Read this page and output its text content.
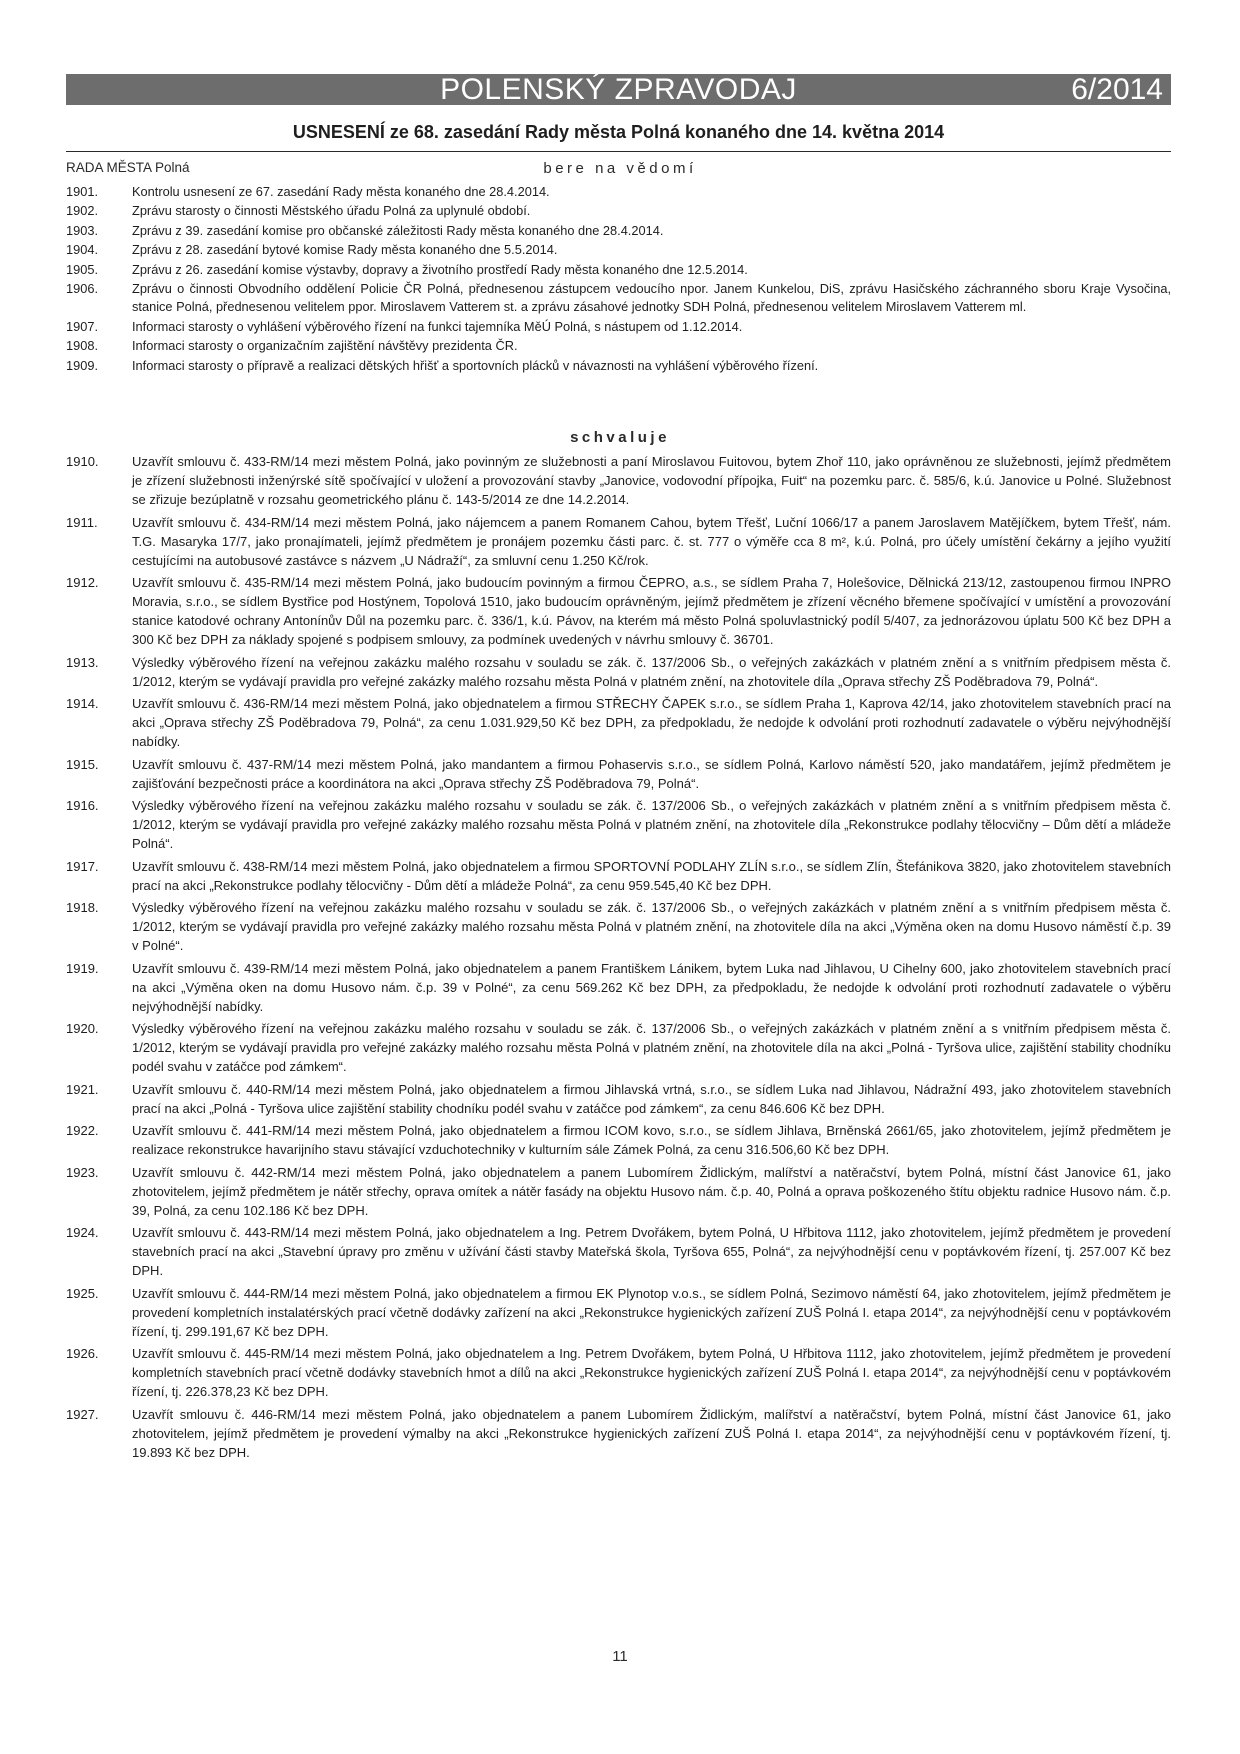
POLENSKÝ ZPRAVODAJ	6/2014
USNESENÍ ze 68. zasedání Rady města Polná konaného dne 14. května 2014
RADA MĚSTA Polná	bere na vědomí
1901.	Kontrolu usnesení ze 67. zasedání Rady města konaného dne 28.4.2014.
1902.	Zprávu starosty o činnosti Městského úřadu Polná za uplynulé období.
1903.	Zprávu z 39. zasedání komise pro občanské záležitosti Rady města konaného dne 28.4.2014.
1904.	Zprávu z 28. zasedání bytové komise Rady města konaného dne 5.5.2014.
1905.	Zprávu z 26. zasedání komise výstavby, dopravy a životního prostředí Rady města konaného dne 12.5.2014.
1906.	Zprávu o činnosti Obvodního oddělení Policie ČR Polná, přednesenou zástupcem vedoucího npor. Janem Kunkelou, DiS, zprávu Hasičského záchranného sboru Kraje Vysočina, stanice Polná, přednesenou velitelem ppor. Miroslavem Vatterem st. a zprávu zásahové jednotky SDH Polná, přednesenou velitelem Miroslavem Vatterem ml.
1907.	Informaci starosty o vyhlášení výběrového řízení na funkci tajemníka MěÚ Polná, s nástupem od 1.12.2014.
1908.	Informaci starosty o organizačním zajištění návštěvy prezidenta ČR.
1909.	Informaci starosty o přípravě a realizaci dětských hřišť a sportovních plácků v návaznosti na vyhlášení výběrového řízení.
schvaluje
1910.	Uzavřít smlouvu č. 433-RM/14 mezi městem Polná, jako povinným ze služebnosti a paní Miroslavou Fuitovou, bytem Zhoř 110, jako oprávněnou ze služebnosti, jejímž předmětem je zřízení služebnosti inženýrské sítě spočívající v uložení a provozování stavby „Janovice, vodovodní přípojka, Fuit“ na pozemku parc. č. 585/6, k.ú. Janovice u Polné. Služebnost se zřizuje bezúplatně v rozsahu geometrického plánu č. 143-5/2014 ze dne 14.2.2014.
1911.	Uzavřít smlouvu č. 434-RM/14 mezi městem Polná, jako nájemcem a panem Romanem Cahou, bytem Třešť, Luční 1066/17 a panem Jaroslavem Matějíčkem, bytem Třešť, nám. T.G. Masaryka 17/7, jako pronajímateli, jejímž předmětem je pronájem pozemku části parc. č. st. 777 o výměře cca 8 m², k.ú. Polná, pro účely umístění čekárny a jejího využití cestujícími na autobusové zastávce s názvem „U Nádraží“, za smluvní cenu 1.250 Kč/rok.
1912.	Uzavřít smlouvu č. 435-RM/14 mezi městem Polná, jako budoucím povinným a firmou ČEPRO, a.s., se sídlem Praha 7, Holešovice, Dělnická 213/12, zastoupenou firmou INPRO Moravia, s.r.o., se sídlem Bystřice pod Hostýnem, Topolová 1510, jako budoucím oprávněným, jejímž předmětem je zřízení věcného břemene spočívající v umístění a provozování stanice katodové ochrany Antonínův Důl na pozemku parc. č. 336/1, k.ú. Pávov, na kterém má město Polná spoluvlastnický podíl 5/407, za jednorázovou úplatu 500 Kč bez DPH a 300 Kč bez DPH za náklady spojené s podpisem smlouvy, za podmínek uvedených v návrhu smlouvy č. 36701.
1913.	Výsledky výběrového řízení na veřejnou zakázku malého rozsahu v souladu se zák. č. 137/2006 Sb., o veřejných zakázkách v platném znění a s vnitřním předpisem města č. 1/2012, kterým se vydávají pravidla pro veřejné zakázky malého rozsahu města Polná v platném znění, na zhotovitele díla „Oprava střechy ZŠ Poděbradova 79, Polná“.
1914.	Uzavřít smlouvu č. 436-RM/14 mezi městem Polná, jako objednatelem a firmou STŘECHY ČAPEK s.r.o., se sídlem Praha 1, Kaprova 42/14, jako zhotovitelem stavebních prací na akci „Oprava střechy ZŠ Poděbradova 79, Polná“, za cenu 1.031.929,50 Kč bez DPH, za předpokladu, že nedojde k odvolání proti rozhodnutí zadavatele o výběru nejvýhodnější nabídky.
1915.	Uzavřít smlouvu č. 437-RM/14 mezi městem Polná, jako mandantem a firmou Pohaservis s.r.o., se sídlem Polná, Karlovo náměstí 520, jako mandatářem, jejímž předmětem je zajišťování bezpečnosti práce a koordinátora na akci „Oprava střechy ZŠ Poděbradova 79, Polná“.
1916.	Výsledky výběrového řízení na veřejnou zakázku malého rozsahu v souladu se zák. č. 137/2006 Sb., o veřejných zakázkách v platném znění a s vnitřním předpisem města č. 1/2012, kterým se vydávají pravidla pro veřejné zakázky malého rozsahu města Polná v platném znění, na zhotovitele díla „Rekonstrukce podlahy tělocvičny – Dům dětí a mládeže Polná“.
1917.	Uzavřít smlouvu č. 438-RM/14 mezi městem Polná, jako objednatelem a firmou SPORTOVNÍ PODLAHY ZLÍN s.r.o., se sídlem Zlín, Štefánikova 3820, jako zhotovitelem stavebních prací na akci „Rekonstrukce podlahy tělocvičny - Dům dětí a mládeže Polná“, za cenu 959.545,40 Kč bez DPH.
1918.	Výsledky výběrového řízení na veřejnou zakázku malého rozsahu v souladu se zák. č. 137/2006 Sb., o veřejných zakázkách v platném znění a s vnitřním předpisem města č. 1/2012, kterým se vydávají pravidla pro veřejné zakázky malého rozsahu města Polná v platném znění, na zhotovitele díla na akci „Výměna oken na domu Husovo náměstí č.p. 39 v Polné“.
1919.	Uzavřít smlouvu č. 439-RM/14 mezi městem Polná, jako objednatelem a panem Františkem Lánikem, bytem Luka nad Jihlavou, U Cihelny 600, jako zhotovitelem stavebních prací na akci „Výměna oken na domu Husovo nám. č.p. 39 v Polné“, za cenu 569.262 Kč bez DPH, za předpokladu, že nedojde k odvolání proti rozhodnutí zadavatele o výběru nejvýhodnější nabídky.
1920.	Výsledky výběrového řízení na veřejnou zakázku malého rozsahu v souladu se zák. č. 137/2006 Sb., o veřejných zakázkách v platném znění a s vnitřním předpisem města č. 1/2012, kterým se vydávají pravidla pro veřejné zakázky malého rozsahu města Polná v platném znění, na zhotovitele díla na akci „Polná - Tyršova ulice, zajištění stability chodníku podél svahu v zatáčce pod zámkem“.
1921.	Uzavřít smlouvu č. 440-RM/14 mezi městem Polná, jako objednatelem a firmou Jihlavská vrtná, s.r.o., se sídlem Luka nad Jihlavou, Nádražní 493, jako zhotovitelem stavebních prací na akci „Polná - Tyršova ulice zajištění stability chodníku podél svahu v zatáčce pod zámkem“, za cenu 846.606 Kč bez DPH.
1922.	Uzavřít smlouvu č. 441-RM/14 mezi městem Polná, jako objednatelem a firmou ICOM kovo, s.r.o., se sídlem Jihlava, Brněnská 2661/65, jako zhotovitelem, jejímž předmětem je realizace rekonstrukce havarijního stavu stávající vzduchotechniky v kulturním sále Zámek Polná, za cenu 316.506,60 Kč bez DPH.
1923.	Uzavřít smlouvu č. 442-RM/14 mezi městem Polná, jako objednatelem a panem Lubomírem Židlickým, malířství a natěračství, bytem Polná, místní část Janovice 61, jako zhotovitelem, jejímž předmětem je nátěr střechy, oprava omítek a nátěr fasády na objektu Husovo nám. č.p. 40, Polná a oprava poškozeného štítu objektu radnice Husovo nám. č.p. 39, Polná, za cenu 102.186 Kč bez DPH.
1924.	Uzavřít smlouvu č. 443-RM/14 mezi městem Polná, jako objednatelem a Ing. Petrem Dvořákem, bytem Polná, U Hřbitova 1112, jako zhotovitelem, jejímž předmětem je provedení stavebních prací na akci „Stavební úpravy pro změnu v užívání části stavby Mateřská škola, Tyršova 655, Polná“, za nejvýhodnější cenu v poptávkovém řízení, tj. 257.007 Kč bez DPH.
1925.	Uzavřít smlouvu č. 444-RM/14 mezi městem Polná, jako objednatelem a firmou EK Plynotop v.o.s., se sídlem Polná, Sezimovo náměstí 64, jako zhotovitelem, jejímž předmětem je provedení kompletních instalatérských prací včetně dodávky zařízení na akci „Rekonstrukce hygienických zařízení ZUŠ Polná I. etapa 2014“, za nejvýhodnější cenu v poptávkovém řízení, tj. 299.191,67 Kč bez DPH.
1926.	Uzavřít smlouvu č. 445-RM/14 mezi městem Polná, jako objednatelem a Ing. Petrem Dvořákem, bytem Polná, U Hřbitova 1112, jako zhotovitelem, jejímž předmětem je provedení kompletních stavebních prací včetně dodávky stavebních hmot a dílů na akci „Rekonstrukce hygienických zařízení ZUŠ Polná I. etapa 2014“, za nejvýhodnější cenu v poptávkovém řízení, tj. 226.378,23 Kč bez DPH.
1927.	Uzavřít smlouvu č. 446-RM/14 mezi městem Polná, jako objednatelem a panem Lubomírem Židlickým, malířství a natěračství, bytem Polná, místní část Janovice 61, jako zhotovitelem, jejímž předmětem je provedení výmalby na akci „Rekonstrukce hygienických zařízení ZUŠ Polná I. etapa 2014“, za nejvýhodnější cenu v poptávkovém řízení, tj. 19.893 Kč bez DPH.
11
